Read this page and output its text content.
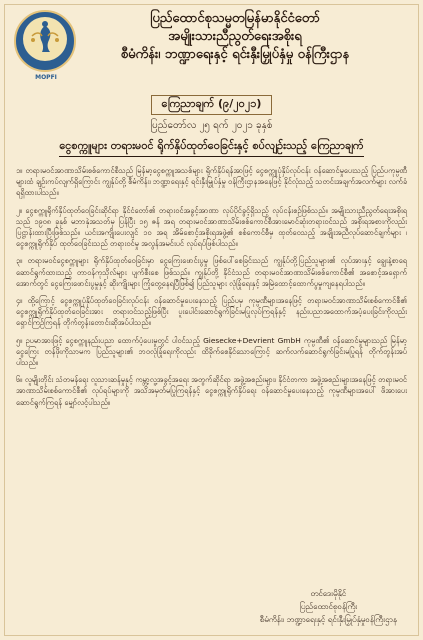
MOPFI
ပြည်ထောင်စုသမ္မတမြန်မာနိုင်ငံတော်
အမျိုးသားညီညွတ်ရေးအစိုးရ
စီမံကိန်း၊ ဘဏ္ဍာရေးနှင့် ရင်းနှီးမြှုပ်နှံမှု ဝန်ကြီးဌာန
ကြေညာချက် (၉/၂၀၂၁)
ပြည်တော်လ ၂၅ ရက် ၂၀၂၁ ခုနှစ်
ငွေစက္ကူများ တရားမဝင် ရိုက်နှိပ်ထုတ်ဝေခြင်းနှင့် စပ်လျဉ်းသည့် ကြေညာချက်

၁။ တရားမဝင်အာဏာသိမ်းစစ်ကောင်စီသည် မြန်မာ့ငွေစက္ကူအသစ်များ ရိုက်နှိပ်ရန်အာဖြင့် ငွေစက္ကူပုံနှိပ်လုပ်ငန်း ဝန်ဆောင်မှုပေးသည့် ပြည်ပကုမ္ပဏီများထံ ချဉ်းကပ်လျက်ရှိကြောင်း ကျွန်ုပ်တို့ စီမံကိန်း၊ ဘဏ္ဍာရေးနှင့် ရင်းနှီးမြှုပ်နှံမှု ဝန်ကြီးဌာနအနေဖြင့် နိုင်လုံသည့် သတင်းအချက်အလက်များ လက်ခံရရှိထားပါသည်။

၂။ ငွေစက္ကူရိုက်နှိပ်ထုတ်ဝေခြင်းဆိုင်ရာ နိုင်ငံတော်၏ တရားဝင်အခွင့်အာဏာ လုပ်ပိုင်ခွင့်ရှိသည့် လုပ်ငန်းစဉ်ဖြစ်သည်။ အမျိုးသားညီညွတ်ရေးအစိုးရသည် ၁၉၀၈ ခုနှစ် မဘာနုဲအသတ်မှ ပြန်ပြီး ၁၅ ဇန် အရ တရားမဝင်အာဏာသိမ်းစစ်ကောင်စီအားမောင်ဆုံးတရားဝင်သည် အစိုးရအစားကိုလည်း ပြဋ္ဌာန်းထားပြီးဖြစ်သည်။ ယင်းအကျိုးပေးလျင် ၁၀ အရ အိမ်စောင့်အစိုးရအဖွဲ့၏ စစ်ကောင်စီမှ ထုတ်ဝေသည့် အချိုးအညီလုပ်ဆောင်ချက်များ ၊ ငွေစက္ကူရိုက်နှိပ် ထုတ်ဝေခြင်းသည် တရားဝင်မှု အလွန်အမင်းပင် လုပ်ရပ်ဖြစ်ပါသည်။

၃။ တရားမဝင်ငွေစက္ကူများ ရိုက်နှိပ်ထုတ်ဝေခြင်းမှာ ငွေကြေးဖောင်းပွမှု ဖြစ်ပေါ်စေခြင်းသည် ကျွန်ုပ်တို့ပြည်သူများ၏ လုပ်အားနှင့် ချွေးနဲ့စာရေ ဆောင်ရွက်ထားသည့် တာဝန်ကုသိုလ်များ ပျက်စီးစေ ဖြစ်သည်။ ကျွန်ုပ်တို့ နိုင်ငံသည် တရားမဝင်အာဏာသိမ်းစစ်ကောင်စီ၏ အစောင့်အရှောက်အောက်တွင် ငွေကြေးဖောင်းပွမှုနှင့် ဆိုးကျိုးများ ကြုံတွေ့နေရပြီဖြစ်၍ ပြည်သူများ လုံခြုံရေးနှင့် အမြဲထောင့်ထောက်ပွမှုကျနေရပါသည်။

၄။ ထို့ကြောင့် ငွေစက္ကူပုံနှိပ်ထုတ်ဝေခြင်းလုပ်ငန်း ဝန်ဆောင်မှုပေးနေသည့် ပြည်ပမှ ကုမ္ပဏီများအနေဖြင့် တရားမဝင်အာဏာသိမ်းစစ်ကောင်စီ၏ ငွေစက္ကူရိုက်နှိပ်ထုတ်ဝေခြင်းအား တရားဝင်သည့်ဖြစ်ပြီး ပူးပေါင်းဆောင်ရွက်ခြင်းမပြုလုပ်ကြရန်နှင့် နည်းပညာအထောက်အပံ့ပေးခြင်းကိုလည်း ရှောင်ကြဉ်ကြရန် တိုက်တွန်းတောင်းဆိုအပ်ပါသည်။

၅။ ဥပမာအားဖြင့် ငွေစက္ကူနည်းပညာ ထောက်ပံ့ပေးမှုတွင် ပါဝင်သည့် Giesecke+Devrient GmbH ကုမ္ပဏီ၏ ဝန်ဆောင်မှုများသည် မြန်မာ့ငွေကြေး တန်ဖိုးကိုသာမက ပြည်သူများ၏ ဘဝလုံခြုံရေးကိုလည်း ထိခိုက်စေနိုင်သောကြောင့် ဆက်လက်ဆောင်ရွက်ခြင်းမပြုရန် တိုက်တွန်းအပ်ပါသည်။

၆။ လူမျိုးတိုင်း သံတမန်ရေး လူသားဆန်မှုနှင့် ကမ္ဘာ့လူ့အခွင့်အရေး အတွက်ဆိုင်ရာ အဖွဲ့အစည်းများ၊ နိုင်ငံတကာ အဖွဲ့အစည်းများအနေဖြင့် တရားမဝင်အာဏာသိမ်းစစ်ကောင်စီ၏ လုပ်ရပ်များကို အသိအမှတ်မပြုကြရန်နှင့် ငွေစက္ကူရိုက်နှိပ်ရေး ဝန်ဆောင်မှုပေးနေသည့် ကုမ္ပဏီများအပေါ် ဖိအားပေးဆောင်ရွက်ကြရန် မျှော်လင့်ပါသည်။

တင်ဒေးမိုနိုင်
ပြည်ထောင်စုဝန်ကြီး
စီမံကိန်း၊ ဘဏ္ဍာရေးနှင့် ရင်းနှီးမြှုပ်နှံမှုဝန်ကြီးဌာန
